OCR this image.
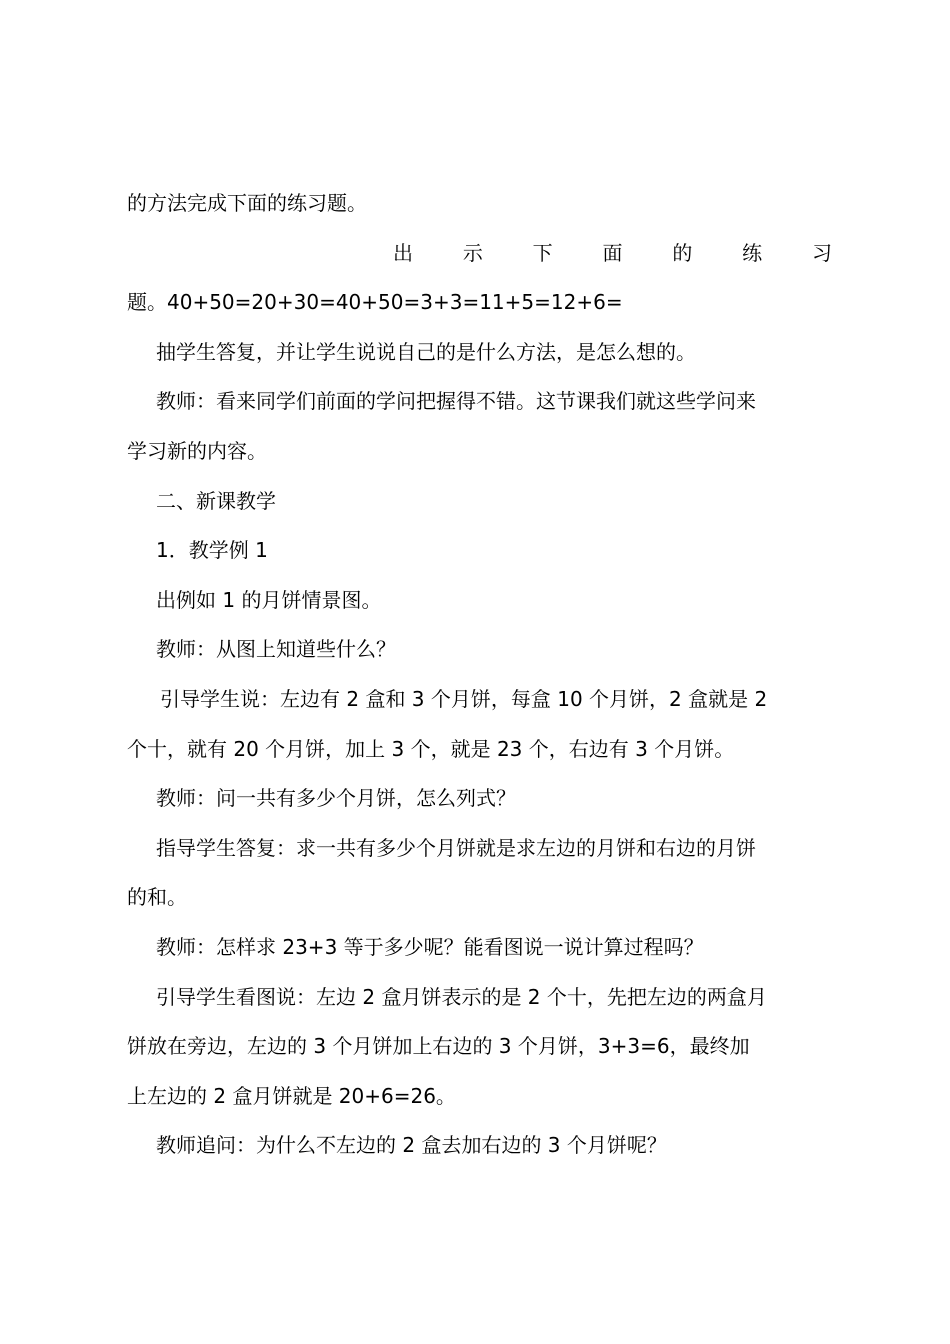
的方法完成下面的练习题。
出 示 下 面 的 练 习
题。40+50=20+30=40+50=3+3=11+5=12+6=
抽学生答复，并让学生说说自己的是什么方法，是怎么想的。
教师：看来同学们前面的学问把握得不错。这节课我们就这些学问来
学习新的内容。
二、新课教学
1．教学例 1
出例如 1 的月饼情景图。
教师：从图上知道些什么？
引导学生说：左边有 2 盒和 3 个月饼，每盒 10 个月饼，2 盒就是 2
个十，就有 20 个月饼，加上 3 个，就是 23 个，右边有 3 个月饼。
教师：问一共有多少个月饼，怎么列式？
指导学生答复：求一共有多少个月饼就是求左边的月饼和右边的月饼
的和。
教师：怎样求 23+3 等于多少呢？能看图说一说计算过程吗？
引导学生看图说：左边 2 盒月饼表示的是 2 个十，先把左边的两盒月
饼放在旁边，左边的 3 个月饼加上右边的 3 个月饼，3+3=6，最终加
上左边的 2 盒月饼就是 20+6=26。
教师追问：为什么不左边的 2 盒去加右边的 3 个月饼呢？
